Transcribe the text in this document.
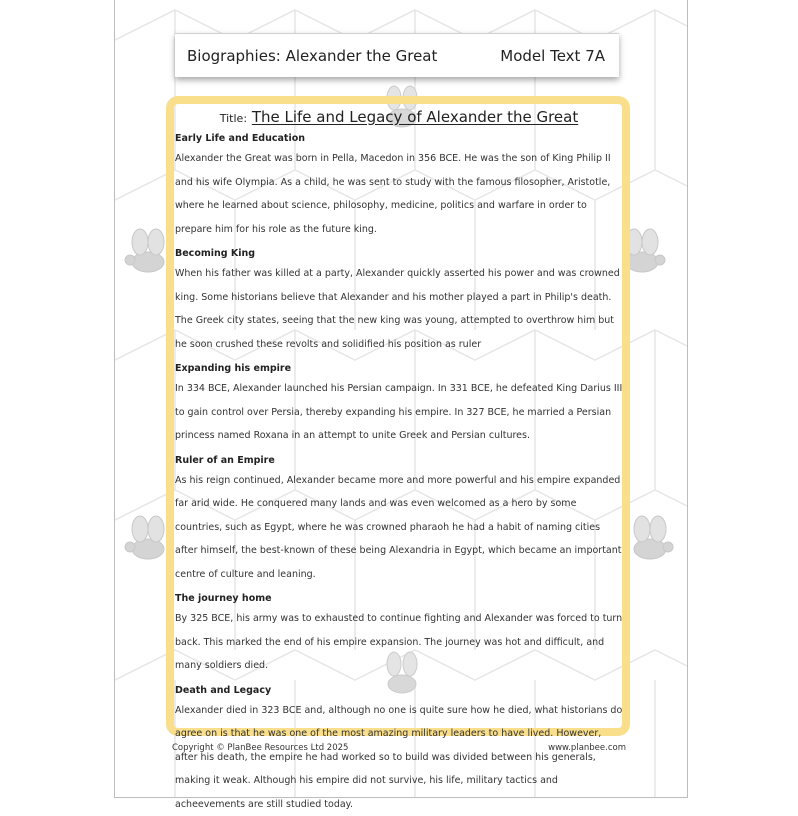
Biographies: Alexander the Great	Model Text 7A
Title: The Life and Legacy of Alexander the Great
Early Life and Education
Alexander the Great was born in Pella, Macedon in 356 BCE. He was the son of King Philip II and his wife Olympia. As a child, he was sent to study with the famous filosopher, Aristotle, where he learned about science, philosophy, medicine, politics and warfare in order to prepare him for his role as the future king.
Becoming King
When his father was killed at a party, Alexander quickly asserted his power and was crowned king. Some historians believe that Alexander and his mother played a part in Philip's death. The Greek city states, seeing that the new king was young, attempted to overthrow him but he soon crushed these revolts and solidified his position as ruler
Expanding his empire
In 334 BCE, Alexander launched his Persian campaign. In 331 BCE, he defeated King Darius III to gain control over Persia, thereby expanding his empire. In 327 BCE, he married a Persian princess named Roxana in an attempt to unite Greek and Persian cultures.
Ruler of an Empire
As his reign continued, Alexander became more and more powerful and his empire expanded far arid wide. He conquered many lands and was even welcomed as a hero by some countries, such as Egypt, where he was crowned pharaoh he had a habit of naming cities after himself, the best-known of these being Alexandria in Egypt, which became an important centre of culture and leaning.
The journey home
By 325 BCE, his army was to exhausted to continue fighting and Alexander was forced to turn back. This marked the end of his empire expansion. The journey was hot and difficult, and many soldiers died.
Death and Legacy
Alexander died in 323 BCE and, although no one is quite sure how he died, what historians do agree on is that he was one of the most amazing military leaders to have lived. However, after his death, the empire he had worked so to build was divided between his generals, making it weak. Although his empire did not survive, his life, military tactics and acheevements are still studied today.
Copyright © PlanBee Resources Ltd 2025	www.planbee.com
